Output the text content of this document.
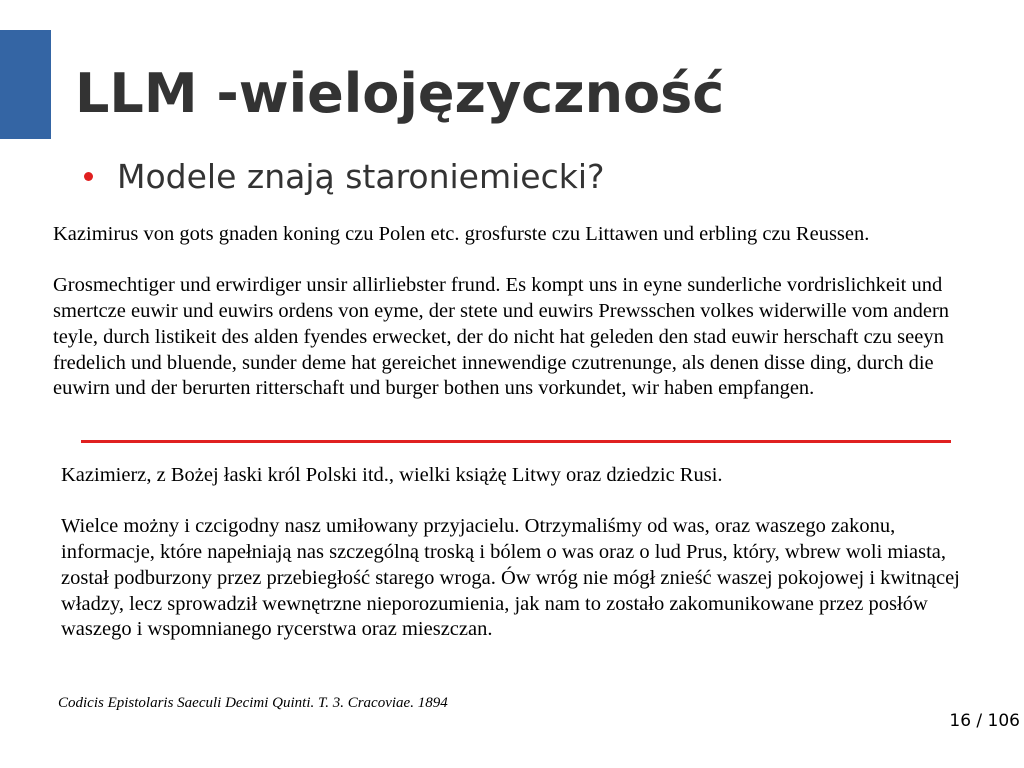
LLM -wielojęzyczność
Modele znają staroniemiecki?

Kazimirus von gots gnaden koning czu Polen etc. grosfurste czu Littawen und erbling czu Reussen.

Grosmechtiger und erwirdiger unsir allirliebster frund. Es kompt uns in eyne sunderliche vordrislichkeit und smertcze euwir und euwirs ordens von eyme, der stete und euwirs Prewsschen volkes widerwille vom andern teyle, durch listikeit des alden fyendes erwecket, der do nicht hat geleden den stad euwir herschaft czu seeyn fredelich und bluende, sunder deme hat gereichet innewendige czutrenunge, als denen disse ding, durch die euwirn und der berurten ritterschaft und burger bothen uns vorkundet, wir haben empfangen.

Kazimierz, z Bożej łaski król Polski itd., wielki książę Litwy oraz dziedzic Rusi.

Wielce możny i czcigodny nasz umiłowany przyjacielu. Otrzymaliśmy od was, oraz waszego zakonu, informacje, które napełniają nas szczególną troską i bólem o was oraz o lud Prus, który, wbrew woli miasta, został podburzony przez przebiegłość starego wroga. Ów wróg nie mógł znieść waszej pokojowej i kwitnącej władzy, lecz sprowadził wewnętrzne nieporozumienia, jak nam to zostało zakomunikowane przez posłów waszego i wspomnianego rycerstwa oraz mieszczan.

Codicis Epistolaris Saeculi Decimi Quinti. T. 3. Cracoviae. 1894
16 / 106
